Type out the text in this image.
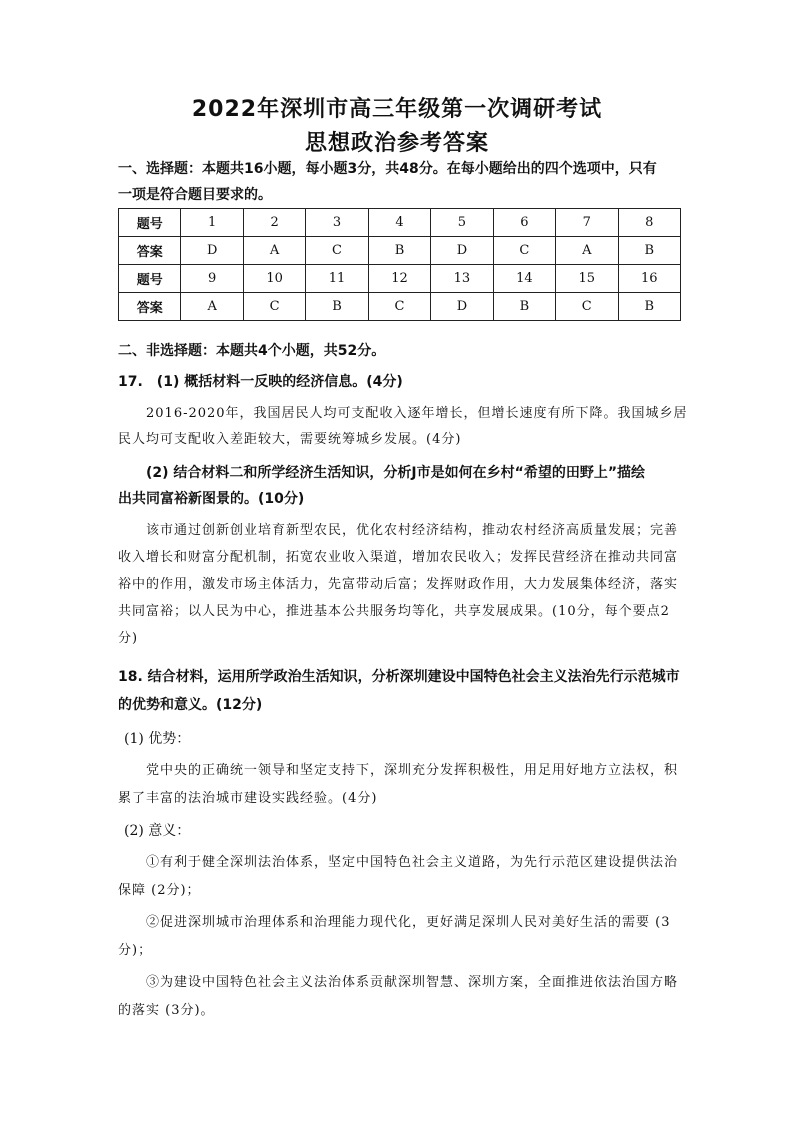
2022年深圳市高三年级第一次调研考试
思想政治参考答案
一、选择题：本题共16小题，每小题3分，共48分。在每小题给出的四个选项中，只有
一项是符合题目要求的。
题号	1	2	3	4	5	6	7	8
答案	D	A	C	B	D	C	A	B
题号	9	10	11	12	13	14	15	16
答案	A	C	B	C	D	B	C	B
二、非选择题：本题共4个小题，共52分。
17.　(1) 概括材料一反映的经济信息。(4分)
2016-2020年，我国居民人均可支配收入逐年增长，但增长速度有所下降。我国城乡居
民人均可支配收入差距较大，需要统筹城乡发展。(4分)
(2) 结合材料二和所学经济生活知识，分析J市是如何在乡村“希望的田野上”描绘
出共同富裕新图景的。(10分)
该市通过创新创业培育新型农民，优化农村经济结构，推动农村经济高质量发展；完善
收入增长和财富分配机制，拓宽农业收入渠道，增加农民收入；发挥民营经济在推动共同富
裕中的作用，激发市场主体活力，先富带动后富；发挥财政作用，大力发展集体经济，落实
共同富裕；以人民为中心，推进基本公共服务均等化，共享发展成果。(10分，每个要点2
分)
18. 结合材料，运用所学政治生活知识，分析深圳建设中国特色社会主义法治先行示范城市
的优势和意义。(12分)
(1) 优势：
党中央的正确统一领导和坚定支持下，深圳充分发挥积极性，用足用好地方立法权，积
累了丰富的法治城市建设实践经验。(4分)
(2) 意义：
①有利于健全深圳法治体系，坚定中国特色社会主义道路，为先行示范区建设提供法治
保障 (2分)；
②促进深圳城市治理体系和治理能力现代化，更好满足深圳人民对美好生活的需要 (3
分)；
③为建设中国特色社会主义法治体系贡献深圳智慧、深圳方案，全面推进依法治国方略
的落实 (3分)。
